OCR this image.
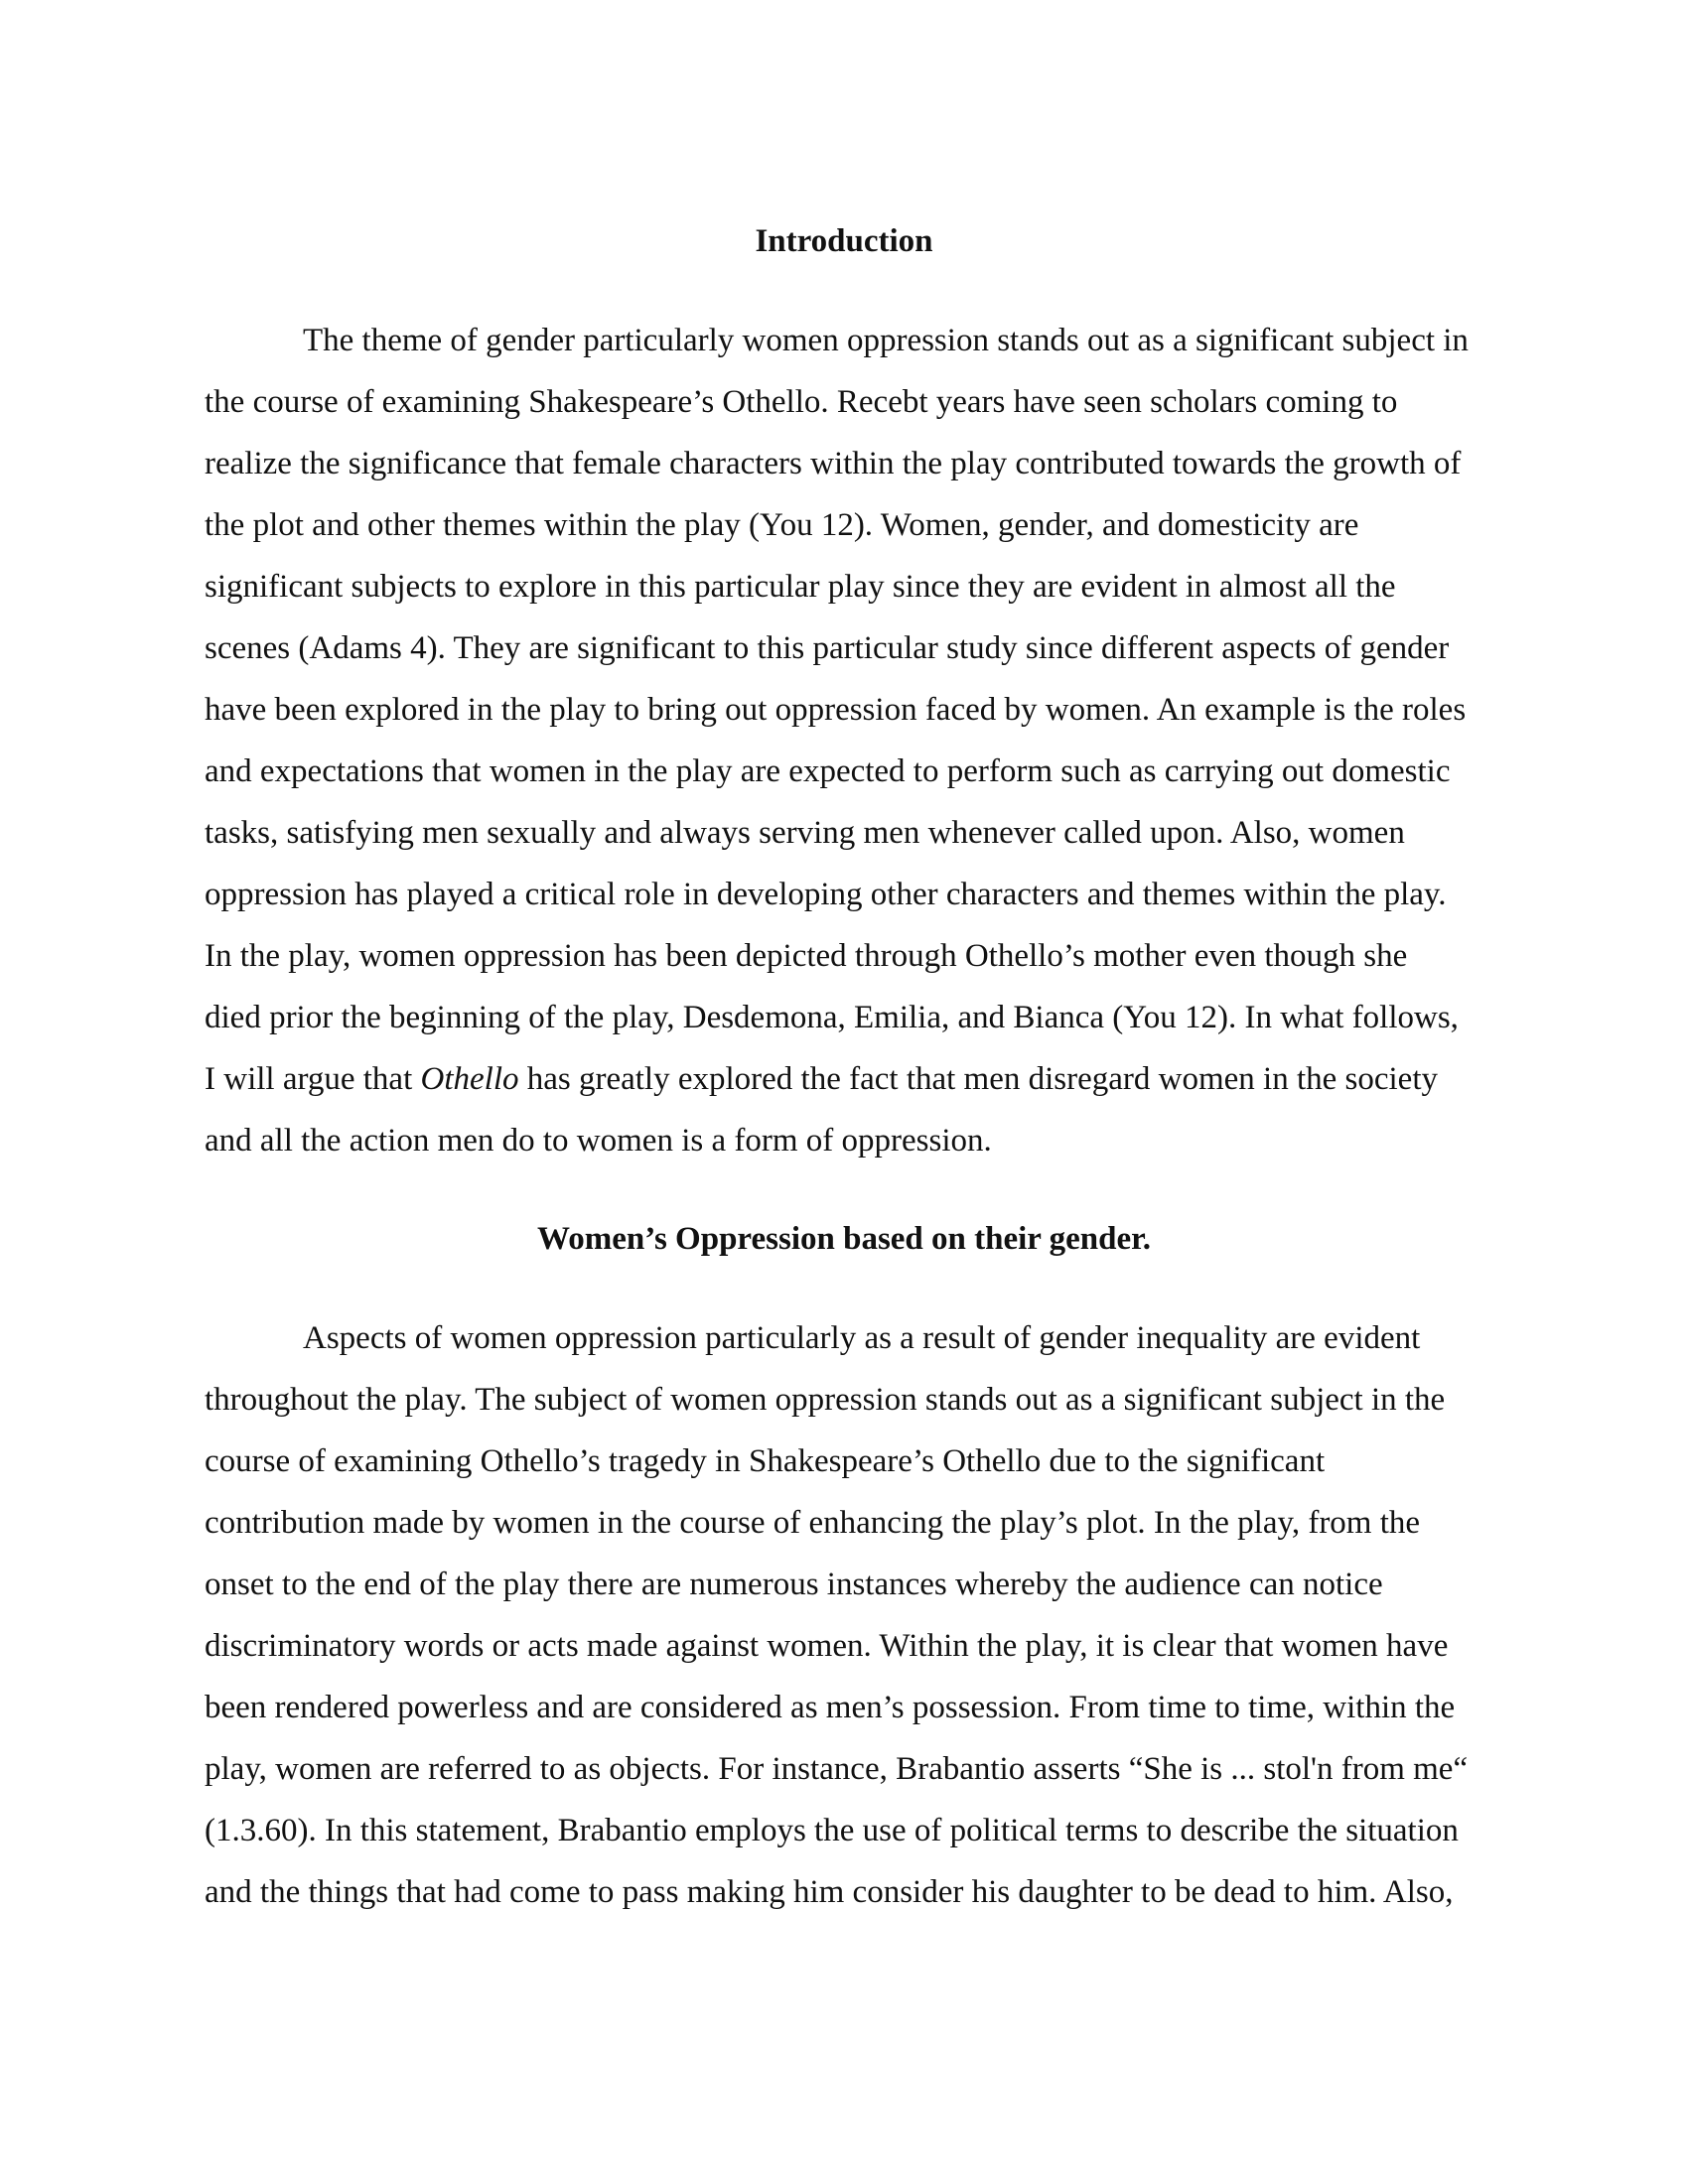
Introduction

The theme of gender particularly women oppression stands out as a significant subject in

the course of examining Shakespeare’s Othello. Recebt years have seen scholars coming to

realize the significance that female characters within the play contributed towards the growth of

the plot and other themes within the play (You 12). Women, gender, and domesticity are

significant subjects to explore in this particular play since they are evident in almost all the

scenes (Adams 4). They are significant to this particular study since different aspects of gender

have been explored in the play to bring out oppression faced by women. An example is the roles

and expectations that women in the play are expected to perform such as carrying out domestic

tasks, satisfying men sexually and always serving men whenever called upon. Also, women

oppression has played a critical role in developing other characters and themes within the play.

In the play, women oppression has been depicted through Othello’s mother even though she

died prior the beginning of the play, Desdemona, Emilia, and Bianca (You 12). In what follows,

I will argue that Othello has greatly explored the fact that men disregard women in the society

and all the action men do to women is a form of oppression.

Women’s Oppression based on their gender.

Aspects of women oppression particularly as a result of gender inequality are evident

throughout the play. The subject of women oppression stands out as a significant subject in the

course of examining Othello’s tragedy in Shakespeare’s Othello due to the significant

contribution made by women in the course of enhancing the play’s plot. In the play, from the

onset to the end of the play there are numerous instances whereby the audience can notice

discriminatory words or acts made against women. Within the play, it is clear that women have

been rendered powerless and are considered as men’s possession. From time to time, within the

play, women are referred to as objects. For instance, Brabantio asserts “She is ... stol'n from me“

(1.3.60). In this statement, Brabantio employs the use of political terms to describe the situation

and the things that had come to pass making him consider his daughter to be dead to him. Also,
